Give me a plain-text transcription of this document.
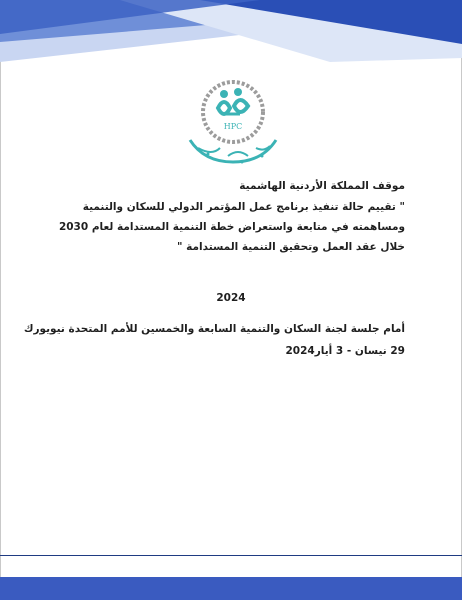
HPC
موقف المملكة الأردنية الهاشمية
" تقييم حالة تنفيذ برنامج عمل المؤتمر الدولي للسكان والتنمية
ومساهمته في متابعة واستعراض خطة التنمية المستدامة لعام 2030
خلال عقد العمل وتحقيق التنمية المستدامة "
2024
أمام جلسة لجنة السكان والتنمية السابعة والخمسين للأمم المتحدة نيويورك
29 نيسان - 3 أيار2024
